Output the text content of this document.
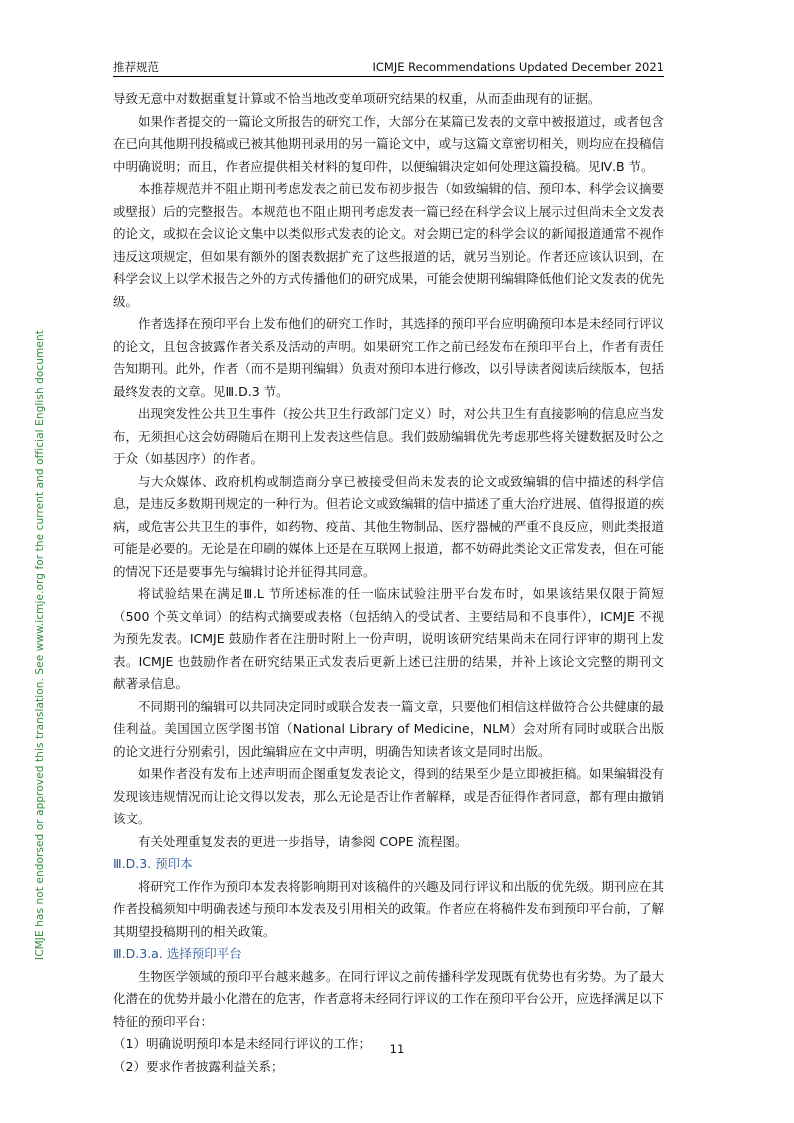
推荐规范	ICMJE Recommendations Updated December 2021
ICMJE has not endorsed or approved this translation. See www.icmje.org for the current and official English document

导致无意中对数据重复计算或不恰当地改变单项研究结果的权重，从而歪曲现有的证据。

如果作者提交的一篇论文所报告的研究工作，大部分在某篇已发表的文章中被报道过，或者包含在已向其他期刊投稿或已被其他期刊录用的另一篇论文中，或与这篇文章密切相关，则均应在投稿信中明确说明；而且，作者应提供相关材料的复印件，以便编辑决定如何处理这篇投稿。见Ⅳ.B 节。

本推荐规范并不阻止期刊考虑发表之前已发布初步报告（如致编辑的信、预印本、科学会议摘要或壁报）后的完整报告。本规范也不阻止期刊考虑发表一篇已经在科学会议上展示过但尚未全文发表的论文，或拟在会议论文集中以类似形式发表的论文。对会期已定的科学会议的新闻报道通常不视作违反这项规定，但如果有额外的图表数据扩充了这些报道的话，就另当别论。作者还应该认识到，在科学会议上以学术报告之外的方式传播他们的研究成果，可能会使期刊编辑降低他们论文发表的优先级。

作者选择在预印平台上发布他们的研究工作时，其选择的预印平台应明确预印本是未经同行评议的论文，且包含披露作者关系及活动的声明。如果研究工作之前已经发布在预印平台上，作者有责任告知期刊。此外，作者（而不是期刊编辑）负责对预印本进行修改，以引导读者阅读后续版本，包括最终发表的文章。见Ⅲ.D.3 节。

出现突发性公共卫生事件（按公共卫生行政部门定义）时，对公共卫生有直接影响的信息应当发布，无须担心这会妨碍随后在期刊上发表这些信息。我们鼓励编辑优先考虑那些将关键数据及时公之于众（如基因序）的作者。

与大众媒体、政府机构或制造商分享已被接受但尚未发表的论文或致编辑的信中描述的科学信息，是违反多数期刊规定的一种行为。但若论文或致编辑的信中描述了重大治疗进展、值得报道的疾病，或危害公共卫生的事件，如药物、疫苗、其他生物制品、医疗器械的严重不良反应，则此类报道可能是必要的。无论是在印刷的媒体上还是在互联网上报道，都不妨碍此类论文正常发表，但在可能的情况下还是要事先与编辑讨论并征得其同意。

将试验结果在满足Ⅲ.L 节所述标准的任一临床试验注册平台发布时，如果该结果仅限于简短（500 个英文单词）的结构式摘要或表格（包括纳入的受试者、主要结局和不良事件），ICMJE 不视为预先发表。ICMJE 鼓励作者在注册时附上一份声明，说明该研究结果尚未在同行评审的期刊上发表。ICMJE 也鼓励作者在研究结果正式发表后更新上述已注册的结果，并补上该论文完整的期刊文献著录信息。

不同期刊的编辑可以共同决定同时或联合发表一篇文章，只要他们相信这样做符合公共健康的最佳利益。美国国立医学图书馆（National Library of Medicine，NLM）会对所有同时或联合出版的论文进行分别索引，因此编辑应在文中声明，明确告知读者该文是同时出版。

如果作者没有发布上述声明而企图重复发表论文，得到的结果至少是立即被拒稿。如果编辑没有发现该违规情况而让论文得以发表，那么无论是否让作者解释，或是否征得作者同意，都有理由撤销该文。

有关处理重复发表的更进一步指导，请参阅 COPE 流程图。

Ⅲ.D.3. 预印本

将研究工作作为预印本发表将影响期刊对该稿件的兴趣及同行评议和出版的优先级。期刊应在其作者投稿须知中明确表述与预印本发表及引用相关的政策。作者应在将稿件发布到预印平台前，了解其期望投稿期刊的相关政策。

Ⅲ.D.3.a. 选择预印平台

生物医学领域的预印平台越来越多。在同行评议之前传播科学发现既有优势也有劣势。为了最大化潜在的优势并最小化潜在的危害，作者意将未经同行评议的工作在预印平台公开，应选择满足以下特征的预印平台：

（1）明确说明预印本是未经同行评议的工作；

（2）要求作者披露利益关系；

11
